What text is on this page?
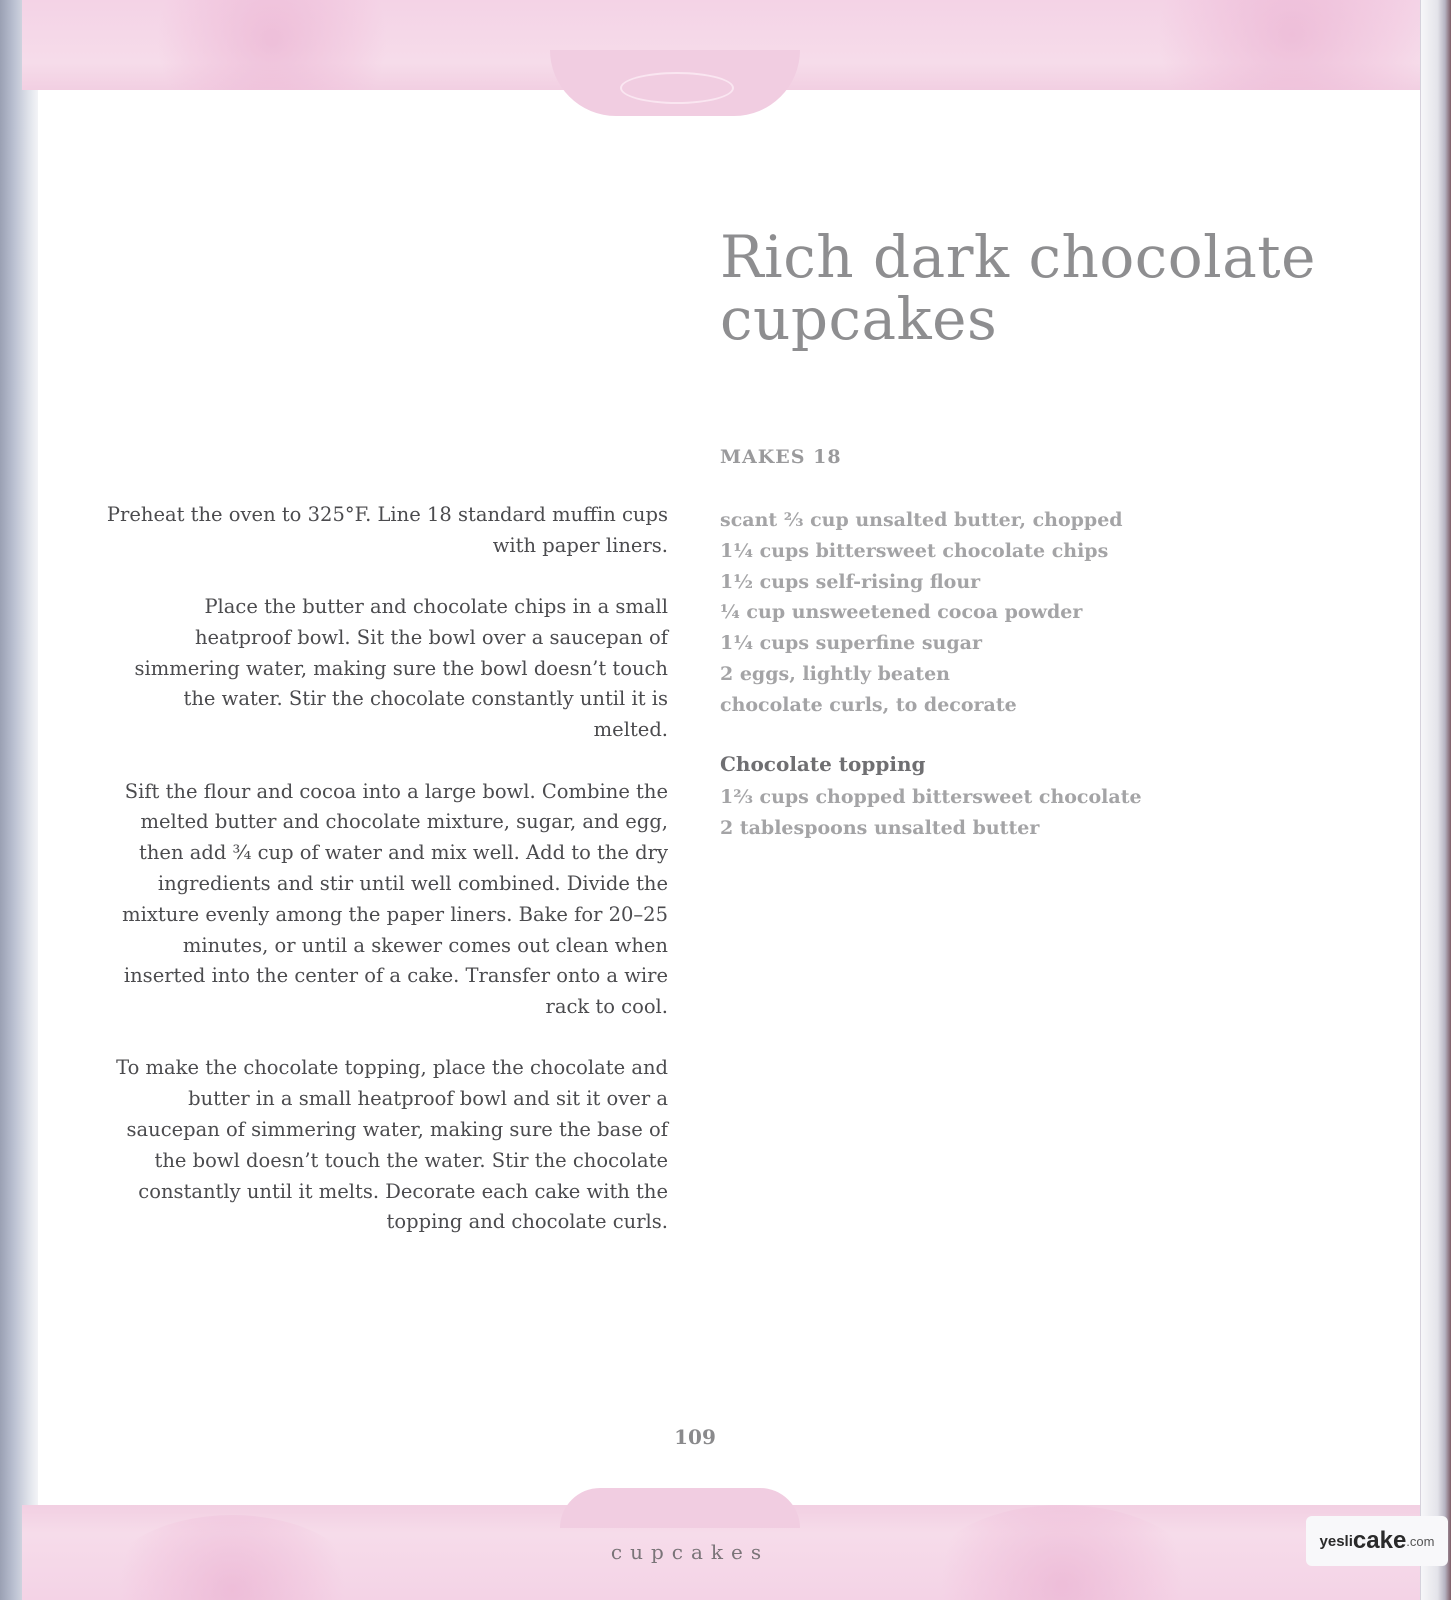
Rich dark chocolate cupcakes
MAKES 18
scant ⅔ cup unsalted butter, chopped
1¼ cups bittersweet chocolate chips
1½ cups self-rising flour
¼ cup unsweetened cocoa powder
1¼ cups superfine sugar
2 eggs, lightly beaten
chocolate curls, to decorate
Chocolate topping
1⅔ cups chopped bittersweet chocolate
2 tablespoons unsalted butter

Preheat the oven to 325°F. Line 18 standard muffin cups with paper liners.

Place the butter and chocolate chips in a small heatproof bowl. Sit the bowl over a saucepan of simmering water, making sure the bowl doesn’t touch the water. Stir the chocolate constantly until it is melted.

Sift the flour and cocoa into a large bowl. Combine the melted butter and chocolate mixture, sugar, and egg, then add ¾ cup of water and mix well. Add to the dry ingredients and stir until well combined. Divide the mixture evenly among the paper liners. Bake for 20–25 minutes, or until a skewer comes out clean when inserted into the center of a cake. Transfer onto a wire rack to cool.

To make the chocolate topping, place the chocolate and butter in a small heatproof bowl and sit it over a saucepan of simmering water, making sure the base of the bowl doesn’t touch the water. Stir the chocolate constantly until it melts. Decorate each cake with the topping and chocolate curls.

109
cupcakes	yesli cake .com
